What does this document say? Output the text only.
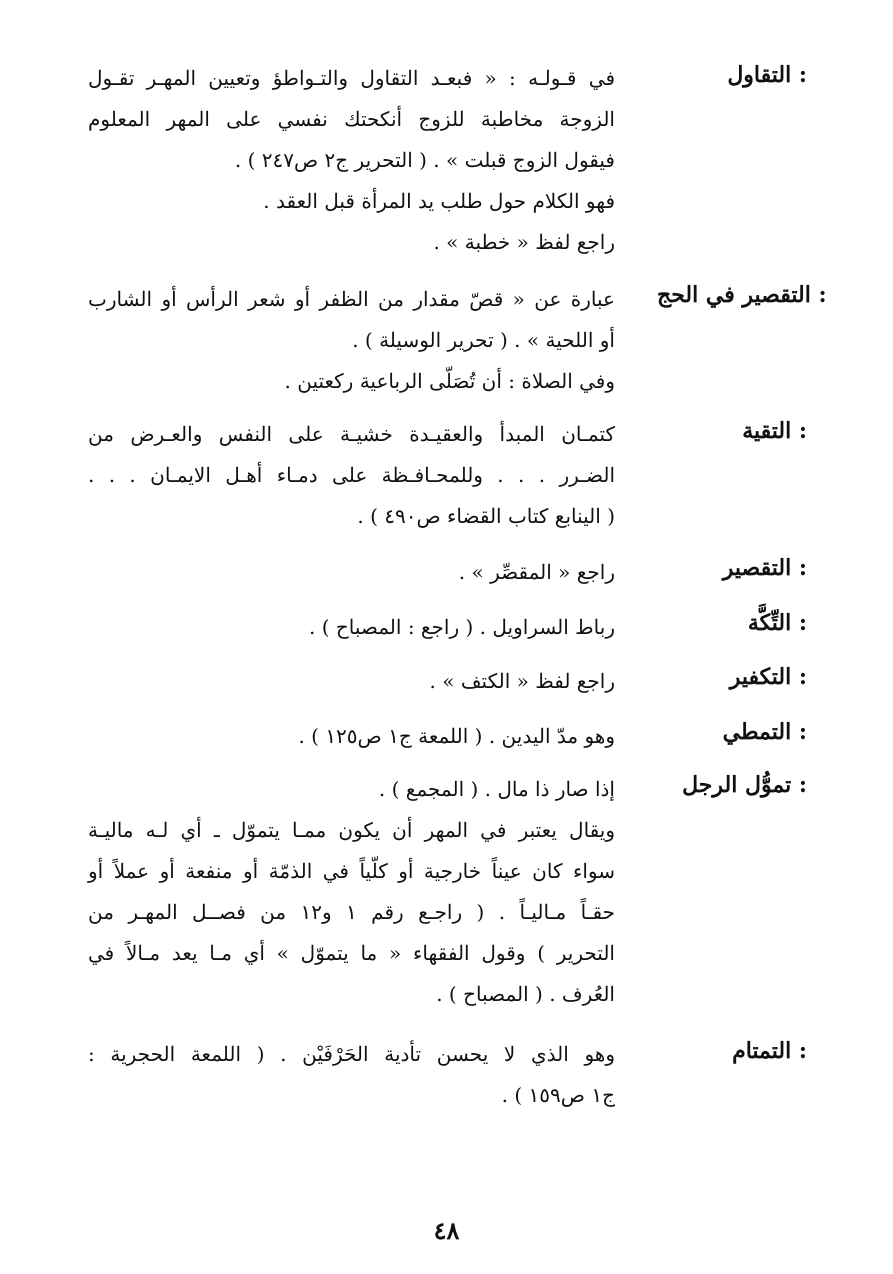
التقاول :
في قـولـه : « فبعـد التقاول والتـواطؤ وتعيين المهـر تقـول
الزوجة مخاطبة للزوج أنكحتك نفسي على المهر المعلوم
فيقول الزوج قبلت » . ( التحرير ج٢ ص٢٤٧ ) .
فهو الكلام حول طلب يد المرأة قبل العقد .
راجع لفظ « خطبة » .
التقصير في الحج :
عبارة عن « قصّ مقدار من الظفر أو شعر الرأس أو الشارب
أو اللحية » . ( تحرير الوسيلة ) .
وفي الصلاة : أن تُصَلّى الرباعية ركعتين .
التقية :
كتمـان المبدأ والعقيـدة خشيـة على النفس والعـرض من
الضـرر . . . وللمحـافـظة على دمـاء أهـل الايمـان . . .
( الينابع كتاب القضاء ص٤٩٠ ) .
التقصير :
راجع « المقصِّر » .
التِّكَّة :
رباط السراويل . ( راجع : المصباح ) .
التكفير :
راجع لفظ « الكتف » .
التمطي :
وهو مدّ اليدين . ( اللمعة ج١ ص١٢٥ ) .
تموُّل الرجل :
إذا صار ذا مال . ( المجمع ) .
ويقال يعتبر في المهر أن يكون ممـا يتموّل ـ أي لـه ماليـة
سواء كان عيناً خارجية أو كلّياً في الذمّة أو منفعة أو عملاً أو
حقـاً مـاليـاً . ( راجـع رقم ١ و١٢ من فصــل المهـر من
التحرير ) وقول الفقهاء « ما يتموّل » أي مـا يعد مـالاً في
العُرف . ( المصباح ) .
التمتام :
وهو الذي لا يحسن تأدية الحَرْفَيْن . ( اللمعة الحجرية :
ج١ ص١٥٩ ) .
٤٨
